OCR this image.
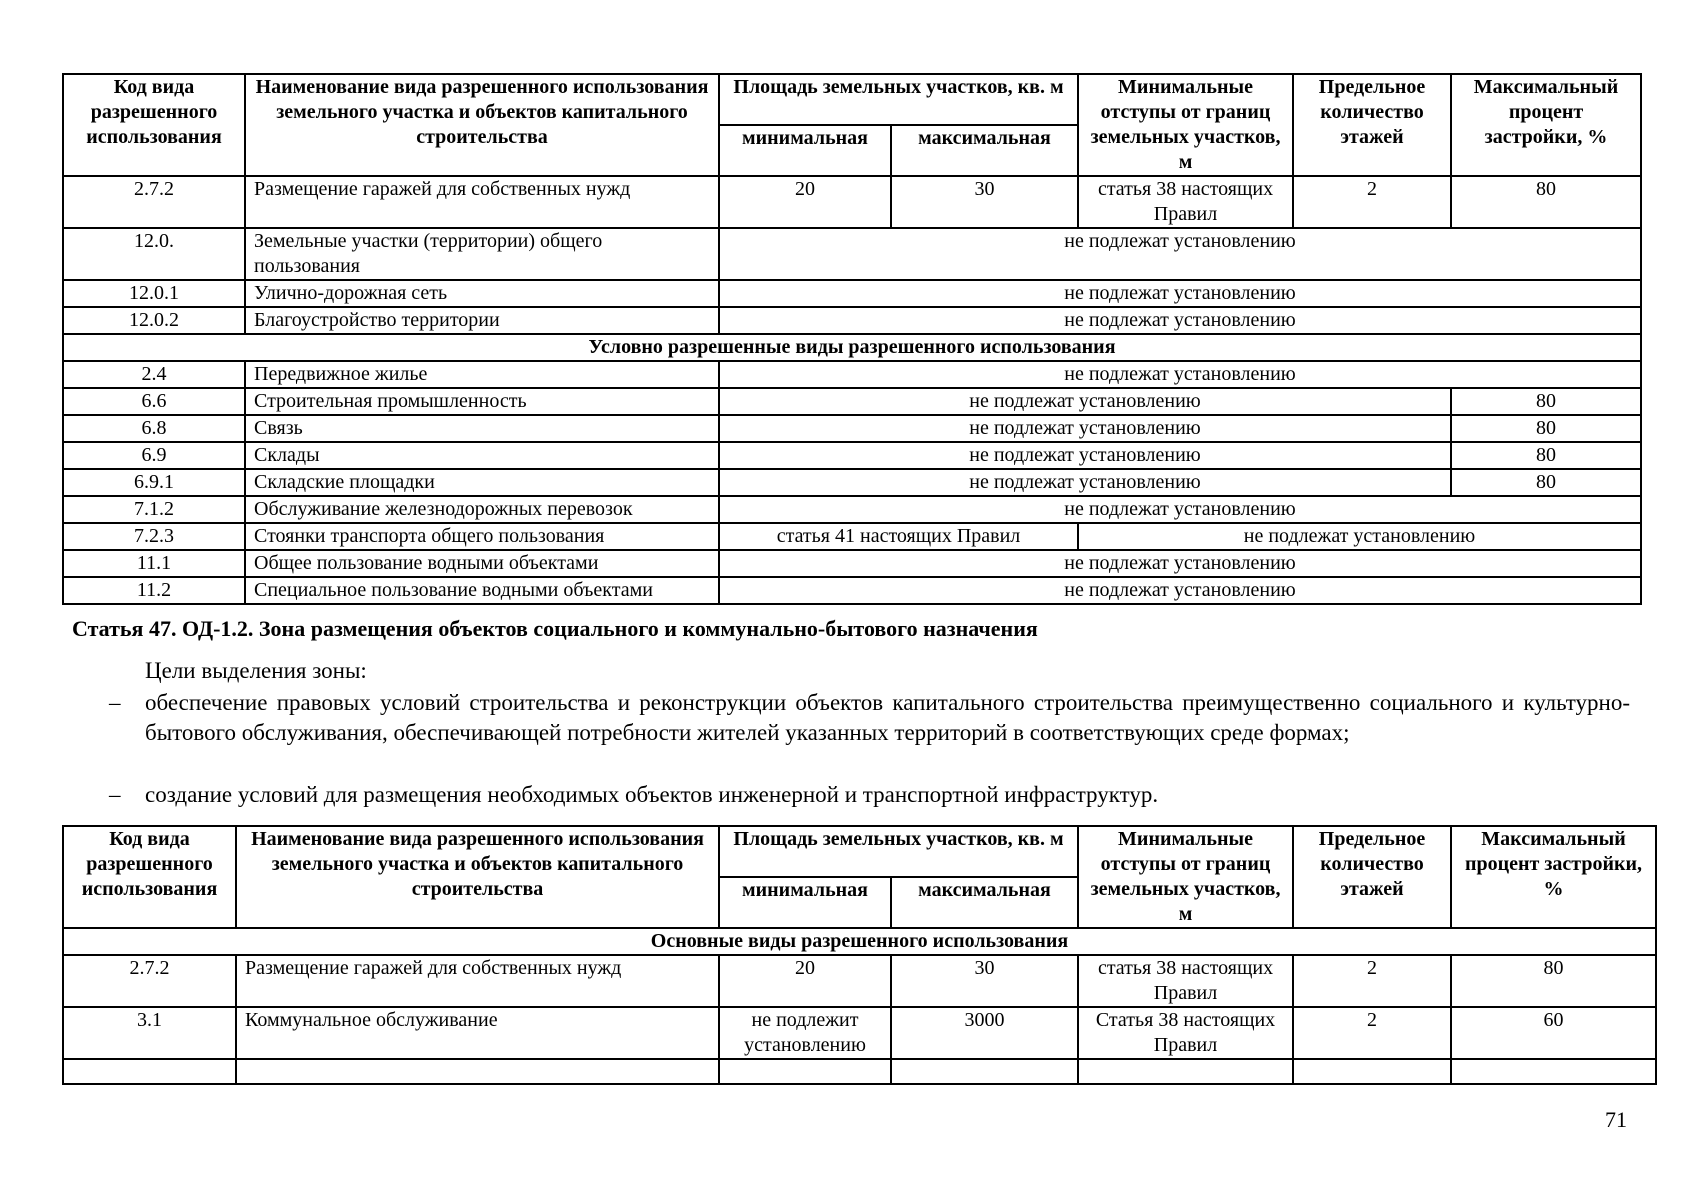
Код вида разрешенного использования	Наименование вида разрешенного использования земельного участка и объектов капитального строительства	Площадь земельных участков, кв. м		Минимальные отступы от границ земельных участков, м	Предельное количество этажей	Максимальный процент застройки, %
		минимальная	максимальная			
2.7.2	Размещение гаражей для собственных нужд	20	30	статья 38 настоящих Правил	2	80
12.0.	Земельные участки (территории) общего пользования	не подлежат установлению				
12.0.1	Улично-дорожная сеть	не подлежат установлению				
12.0.2	Благоустройство территории	не подлежат установлению				
Условно разрешенные виды разрешенного использования						
2.4	Передвижное жилье	не подлежат установлению				
6.6	Строительная промышленность	не подлежат установлению				80
6.8	Связь	не подлежат установлению				80
6.9	Склады	не подлежат установлению				80
6.9.1	Складские площадки	не подлежат установлению				80
7.1.2	Обслуживание железнодорожных перевозок	не подлежат установлению				
7.2.3	Стоянки транспорта общего пользования	статья 41 настоящих Правил		не подлежат установлению		
11.1	Общее пользование водными объектами	не подлежат установлению				
11.2	Специальное пользование водными объектами	не подлежат установлению				
Статья 47. ОД-1.2. Зона размещения объектов социального и коммунально-бытового назначения
Цели выделения зоны:
– обеспечение правовых условий строительства и реконструкции объектов капитального строительства преимущественно социального и культурно-бытового обслуживания, обеспечивающей потребности жителей указанных территорий в соответствующих среде формах;
– создание условий для размещения необходимых объектов инженерной и транспортной инфраструктур.
Код вида разрешенного использования	Наименование вида разрешенного использования земельного участка и объектов капитального строительства	Площадь земельных участков, кв. м		Минимальные отступы от границ земельных участков, м	Предельное количество этажей	Максимальный процент застройки, %
		минимальная	максимальная			
Основные виды разрешенного использования						
2.7.2	Размещение гаражей для собственных нужд	20	30	статья 38 настоящих Правил	2	80
3.1	Коммунальное обслуживание	не подлежит установлению	3000	Статья 38 настоящих Правил	2	60

71
